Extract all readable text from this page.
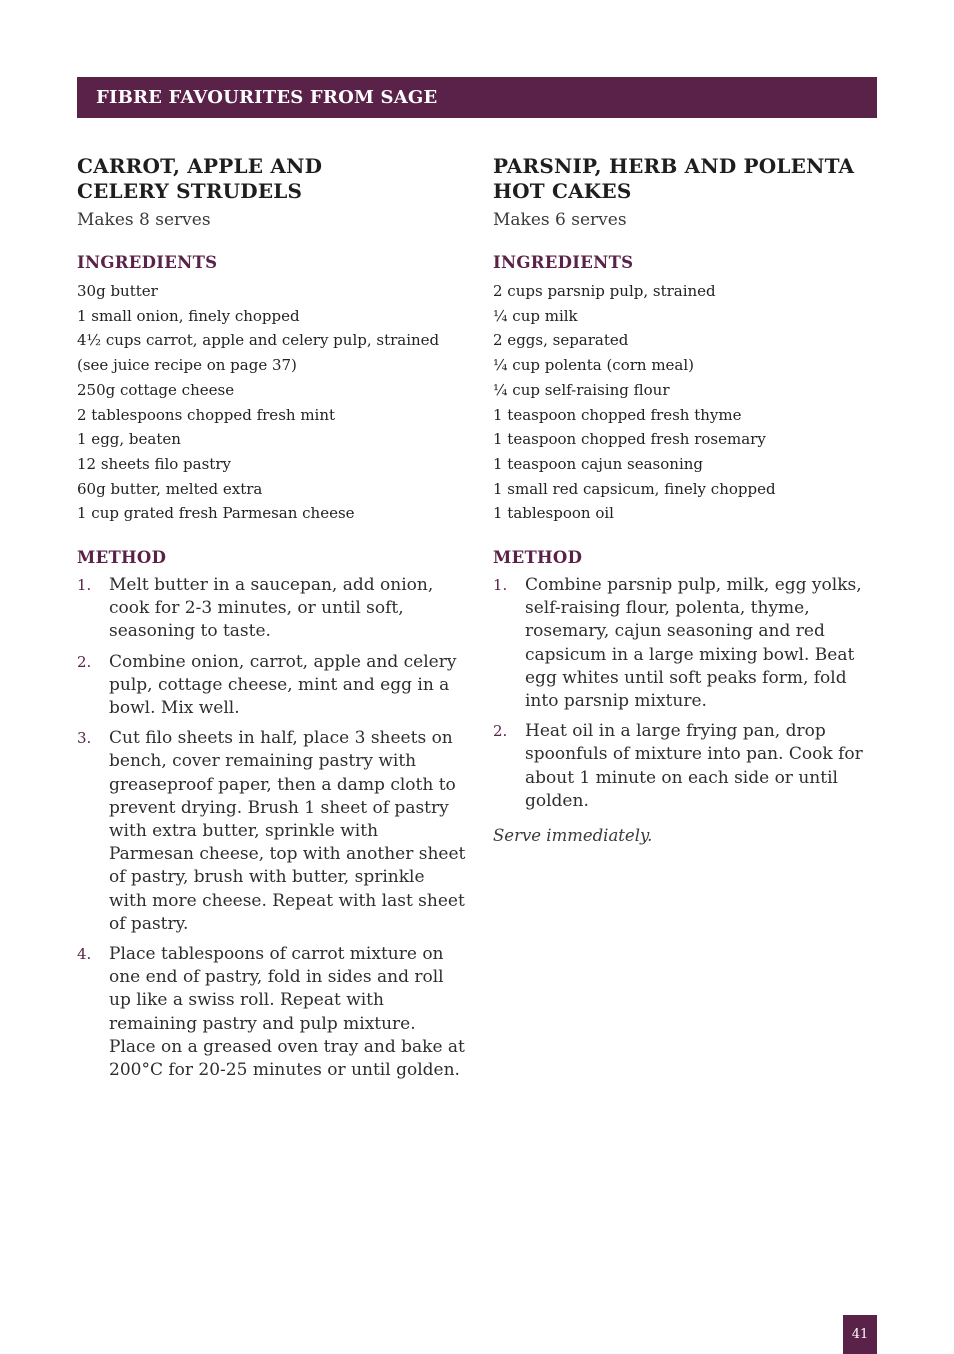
FIBRE FAVOURITES FROM SAGE
CARROT, APPLE AND
CELERY STRUDELS

Makes 8 serves

INGREDIENTS
30g butter
1 small onion, finely chopped
4½ cups carrot, apple and celery pulp, strained
(see juice recipe on page 37)
250g cottage cheese
2 tablespoons chopped fresh mint
1 egg, beaten
12 sheets filo pastry
60g butter, melted extra
1 cup grated fresh Parmesan cheese
METHOD
1.	Melt butter in a saucepan, add onion, cook for 2-3 minutes, or until soft, seasoning to taste.
2.	Combine onion, carrot, apple and celery pulp, cottage cheese, mint and egg in a bowl. Mix well.
3.	Cut filo sheets in half, place 3 sheets on bench, cover remaining pastry with greaseproof paper, then a damp cloth to prevent drying. Brush 1 sheet of pastry with extra butter, sprinkle with Parmesan cheese, top with another sheet of pastry, brush with butter, sprinkle with more cheese. Repeat with last sheet of pastry.
4.	Place tablespoons of carrot mixture on one end of pastry, fold in sides and roll up like a swiss roll. Repeat with remaining pastry and pulp mixture. Place on a greased oven tray and bake at 200°C for 20-25 minutes or until golden.
PARSNIP, HERB AND POLENTA
HOT CAKES

Makes 6 serves

INGREDIENTS
2 cups parsnip pulp, strained
¼ cup milk
2 eggs, separated
¼ cup polenta (corn meal)
¼ cup self-raising flour
1 teaspoon chopped fresh thyme
1 teaspoon chopped fresh rosemary
1 teaspoon cajun seasoning
1 small red capsicum, finely chopped
1 tablespoon oil
METHOD
1.	Combine parsnip pulp, milk, egg yolks, self-raising flour, polenta, thyme, rosemary, cajun seasoning and red capsicum in a large mixing bowl. Beat egg whites until soft peaks form, fold into parsnip mixture.
2.	Heat oil in a large frying pan, drop spoonfuls of mixture into pan. Cook for about 1 minute on each side or until golden.

Serve immediately.

41
